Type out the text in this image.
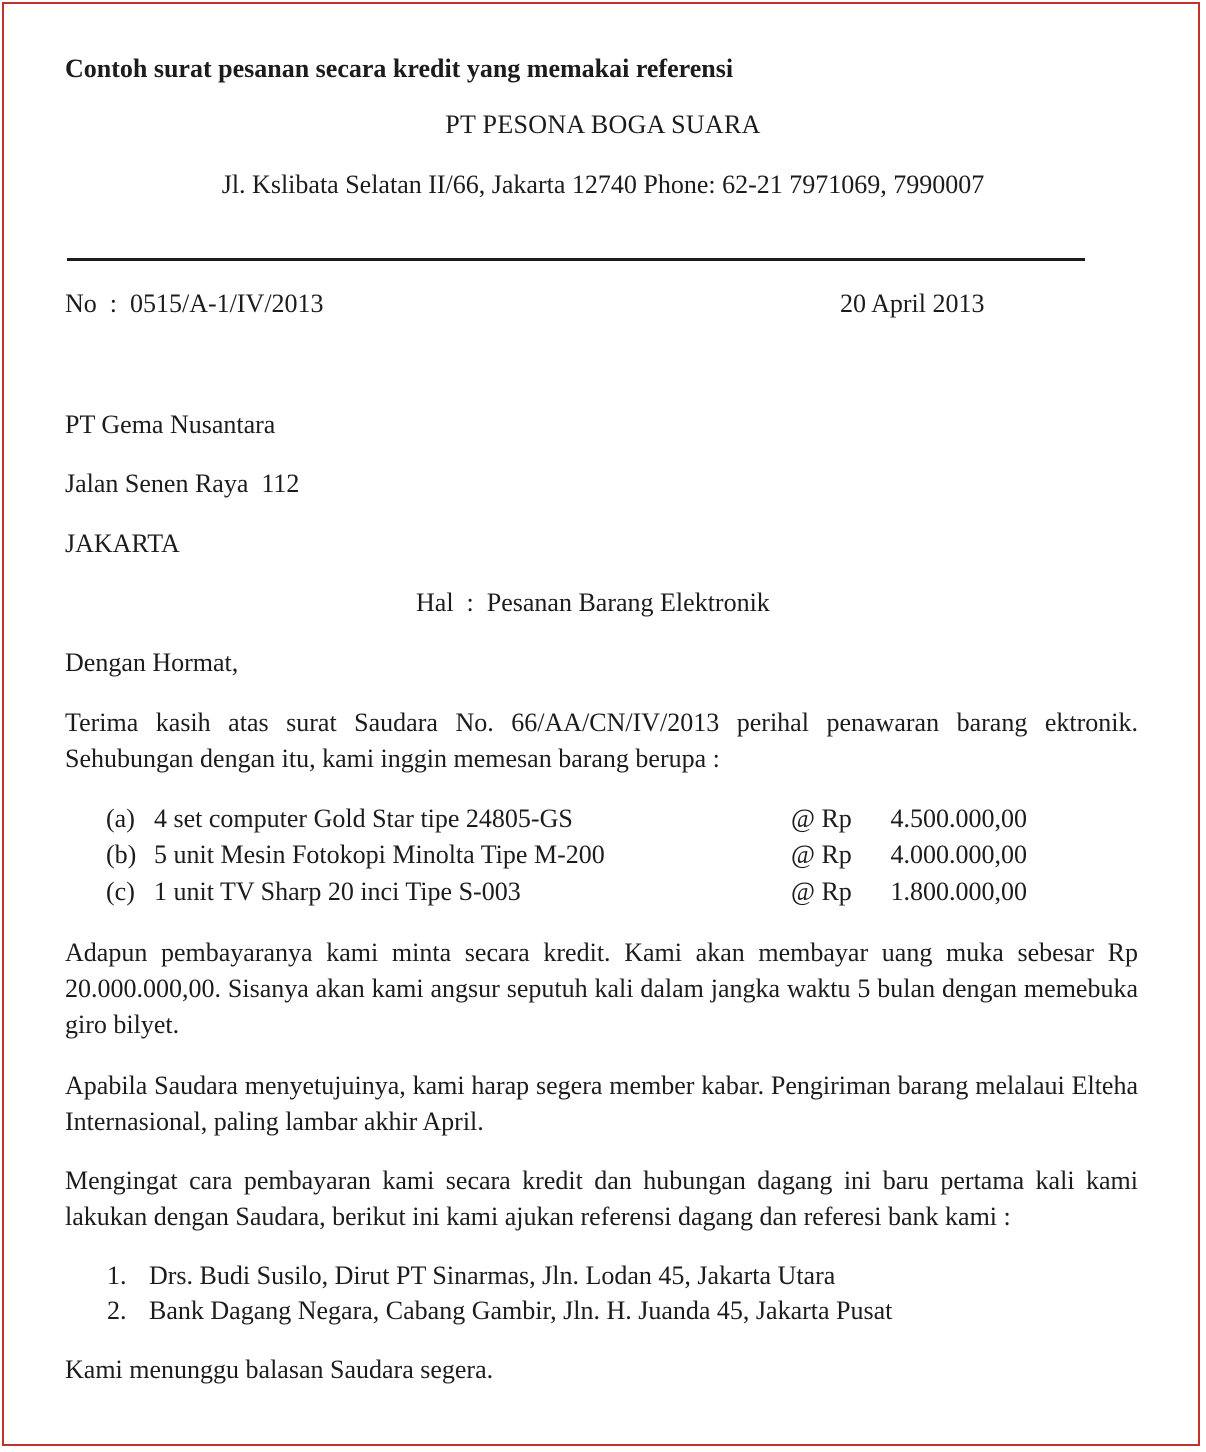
Contoh surat pesanan secara kredit yang memakai referensi
PT PESONA BOGA SUARA
Jl. Kslibata Selatan II/66, Jakarta 12740 Phone: 62-21 7971069, 7990007
No  :  0515/A-1/IV/2013	20 April 2013
PT Gema Nusantara
Jalan Senen Raya  112
JAKARTA
Hal  :  Pesanan Barang Elektronik
Dengan Hormat,
Terima kasih atas surat Saudara No. 66/AA/CN/IV/2013 perihal penawaran barang ektronik. Sehubungan dengan itu, kami inggin memesan barang berupa :
(a) 4 set computer Gold Star tipe 24805-GS	@ Rp 4.500.000,00
(b) 5 unit Mesin Fotokopi Minolta Tipe M-200	@ Rp 4.000.000,00
(c) 1 unit TV Sharp 20 inci Tipe S-003	@ Rp 1.800.000,00
Adapun pembayaranya kami minta secara kredit. Kami akan membayar uang muka sebesar Rp 20.000.000,00. Sisanya akan kami angsur seputuh kali dalam jangka waktu 5 bulan dengan memebuka giro bilyet.
Apabila Saudara menyetujuinya, kami harap segera member kabar. Pengiriman barang melalaui Elteha Internasional, paling lambar akhir April.
Mengingat cara pembayaran kami secara kredit dan hubungan dagang ini baru pertama kali kami lakukan dengan Saudara, berikut ini kami ajukan referensi dagang dan referesi bank kami :
1. Drs. Budi Susilo, Dirut PT Sinarmas, Jln. Lodan 45, Jakarta Utara
2. Bank Dagang Negara, Cabang Gambir, Jln. H. Juanda 45, Jakarta Pusat
Kami menunggu balasan Saudara segera.
